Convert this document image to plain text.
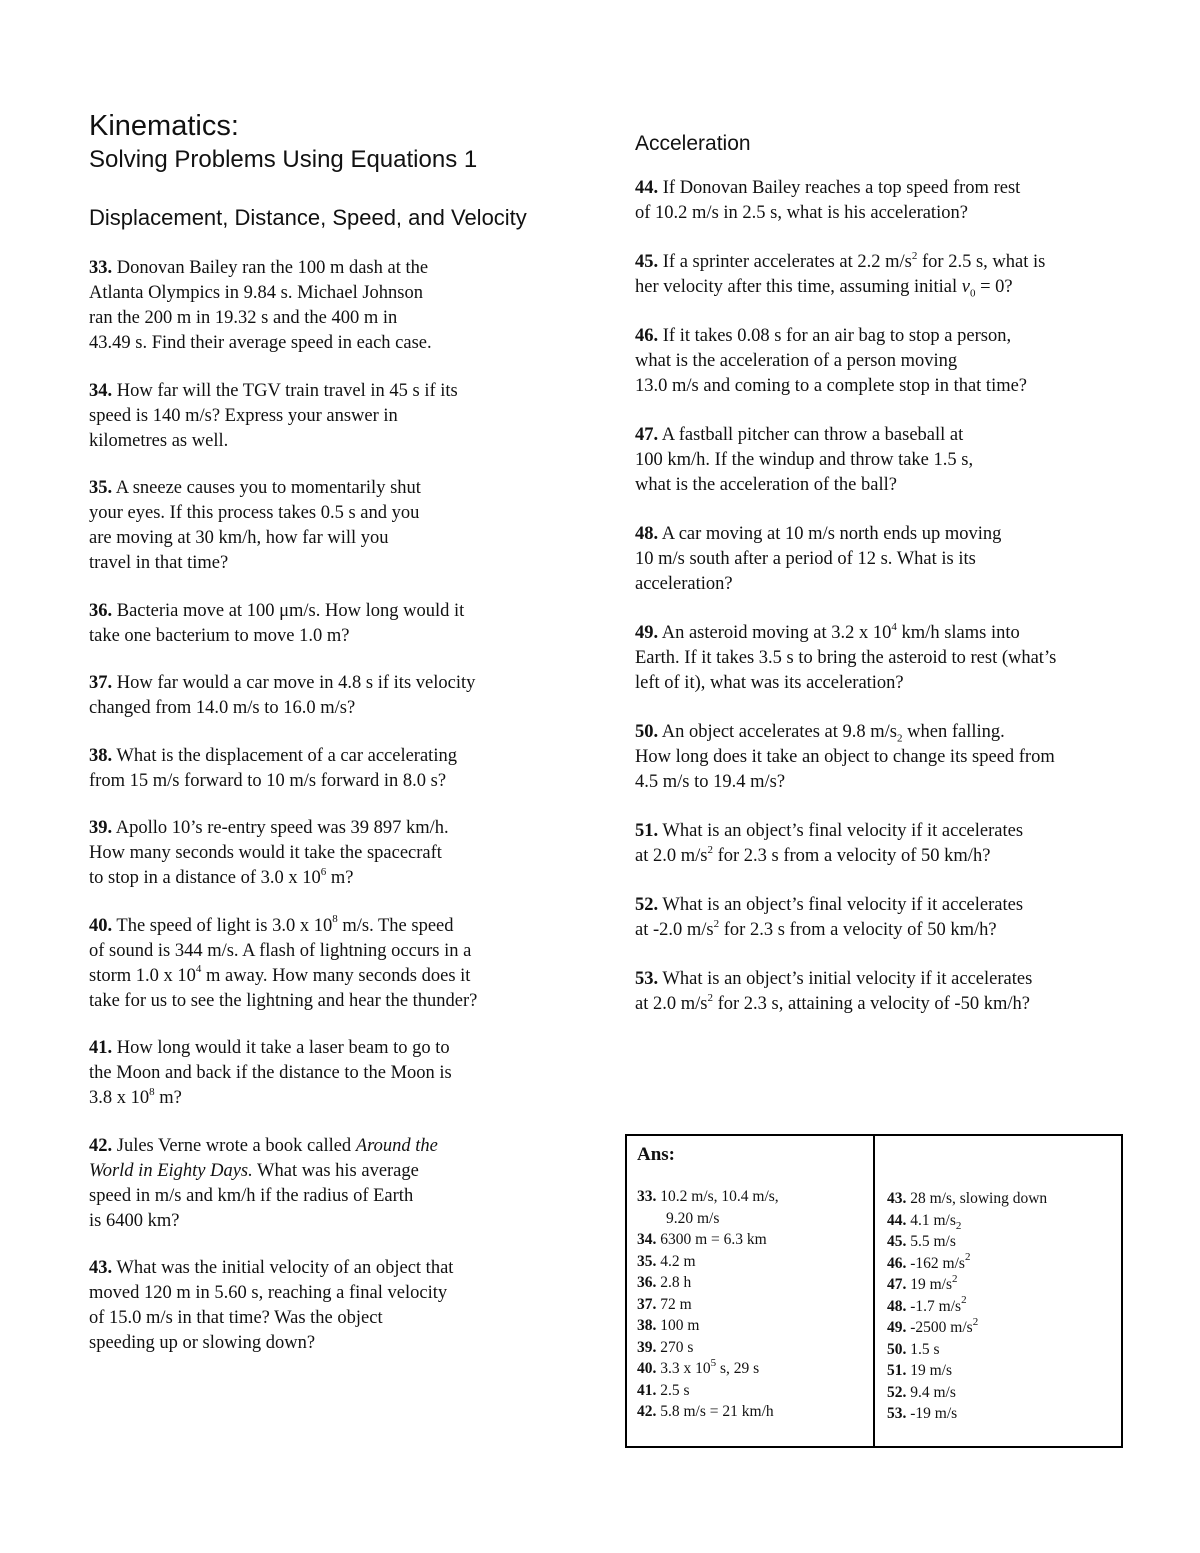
Kinematics:
Solving Problems Using Equations 1
Displacement, Distance, Speed, and Velocity
33. Donovan Bailey ran the 100 m dash at the
Atlanta Olympics in 9.84 s. Michael Johnson
ran the 200 m in 19.32 s and the 400 m in
43.49 s. Find their average speed in each case.
34. How far will the TGV train travel in 45 s if its
speed is 140 m/s? Express your answer in
kilometres as well.
35. A sneeze causes you to momentarily shut
your eyes. If this process takes 0.5 s and you
are moving at 30 km/h, how far will you
travel in that time?
36. Bacteria move at 100 μm/s. How long would it
take one bacterium to move 1.0 m?
37. How far would a car move in 4.8 s if its velocity
changed from 14.0 m/s to 16.0 m/s?
38. What is the displacement of a car accelerating
from 15 m/s forward to 10 m/s forward in 8.0 s?
39. Apollo 10’s re-entry speed was 39 897 km/h.
How many seconds would it take the spacecraft
to stop in a distance of 3.0 x $10^6$ m?
40. The speed of light is 3.0 x $10^8$ m/s. The speed
of sound is 344 m/s. A flash of lightning occurs in a
storm 1.0 x $10^4$ m away. How many seconds does it
take for us to see the lightning and hear the thunder?
41. How long would it take a laser beam to go to
the Moon and back if the distance to the Moon is
3.8 x $10^8$ m?
42. Jules Verne wrote a book called Around the
World in Eighty Days. What was his average
speed in m/s and km/h if the radius of Earth
is 6400 km?
43. What was the initial velocity of an object that
moved 120 m in 5.60 s, reaching a final velocity
of 15.0 m/s in that time? Was the object
speeding up or slowing down?
Acceleration
44. If Donovan Bailey reaches a top speed from rest
of 10.2 m/s in 2.5 s, what is his acceleration?
45. If a sprinter accelerates at 2.2 $m/s^2$ for 2.5 s, what is
her velocity after this time, assuming initial $v_0 = 0$?
46. If it takes 0.08 s for an air bag to stop a person,
what is the acceleration of a person moving
13.0 m/s and coming to a complete stop in that time?
47. A fastball pitcher can throw a baseball at
100 km/h. If the windup and throw take 1.5 s,
what is the acceleration of the ball?
48. A car moving at 10 m/s north ends up moving
10 m/s south after a period of 12 s. What is its
acceleration?
49. An asteroid moving at 3.2 x $10^4$ km/h slams into
Earth. If it takes 3.5 s to bring the asteroid to rest (what’s
left of it), what was its acceleration?
50. An object accelerates at 9.8 $m/s_2$ when falling.
How long does it take an object to change its speed from
4.5 m/s to 19.4 m/s?
51. What is an object’s final velocity if it accelerates
at 2.0 $m/s^2$ for 2.3 s from a velocity of 50 km/h?
52. What is an object’s final velocity if it accelerates
at -2.0 $m/s^2$ for 2.3 s from a velocity of 50 km/h?
53. What is an object’s initial velocity if it accelerates
at 2.0 $m/s^2$ for 2.3 s, attaining a velocity of -50 km/h?
Ans:
33. 10.2 m/s, 10.4 m/s,
9.20 m/s
34. 6300 m = 6.3 km
35. 4.2 m
36. 2.8 h
37. 72 m
38. 100 m
39. 270 s
40. 3.3 x $10^5$ s, 29 s
41. 2.5 s
42. 5.8 m/s = 21 km/h
43. 28 m/s, slowing down
44. 4.1 $m/s_2$
45. 5.5 m/s
46. -162 $m/s^2$
47. 19 $m/s^2$
48. -1.7 $m/s^2$
49. -2500 $m/s^2$
50. 1.5 s
51. 19 m/s
52. 9.4 m/s
53. -19 m/s
